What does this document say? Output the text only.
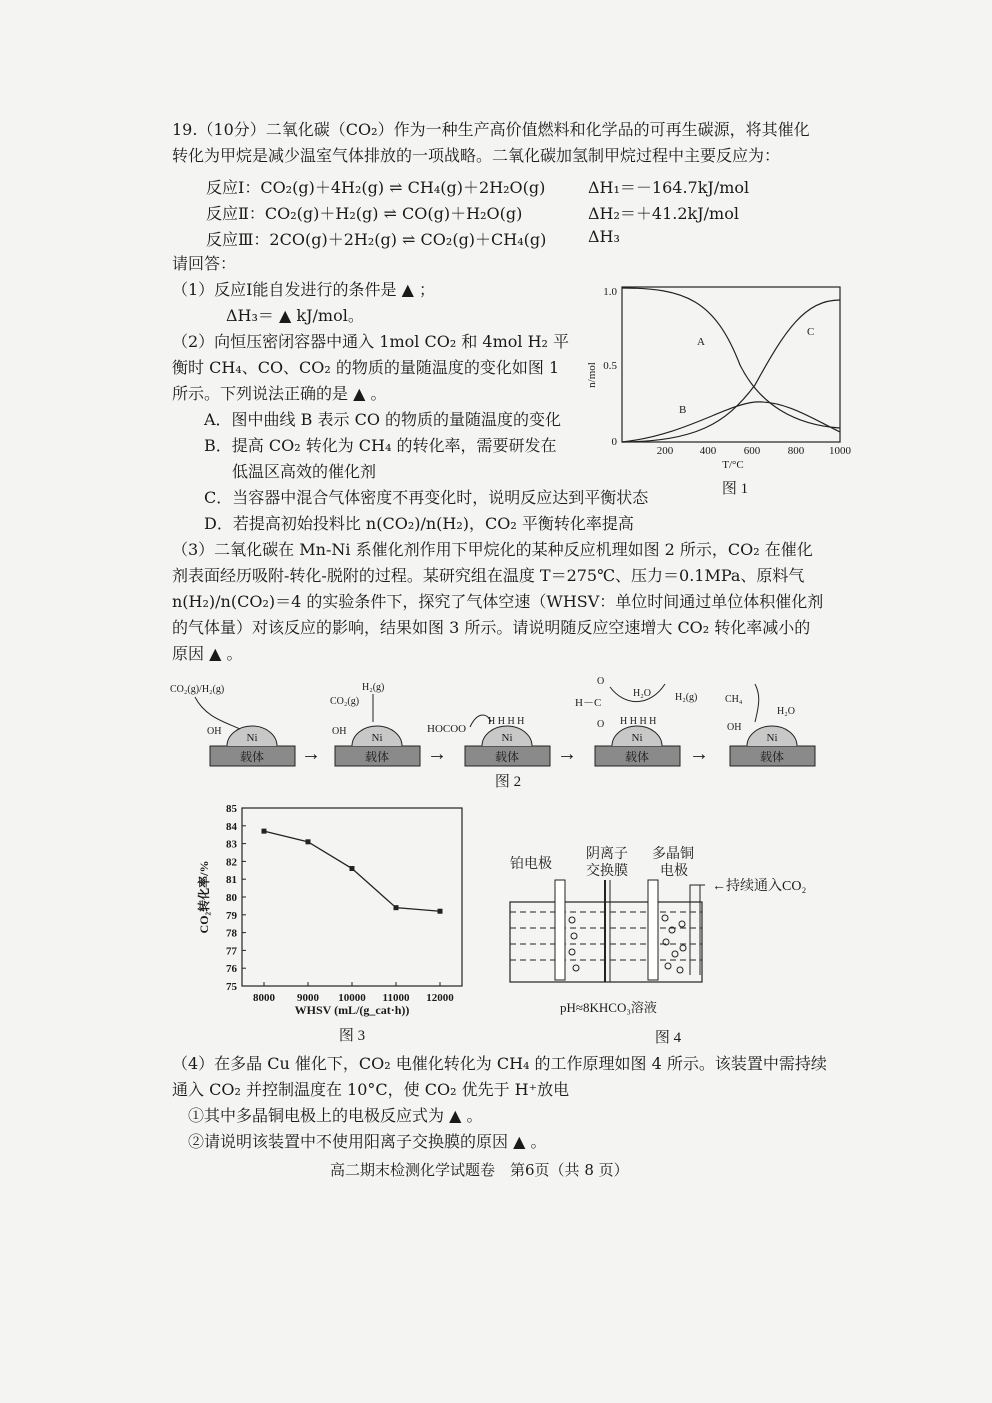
19.（10分）二氧化碳（CO₂）作为一种生产高价值燃料和化学品的可再生碳源，将其催化
转化为甲烷是减少温室气体排放的一项战略。二氧化碳加氢制甲烷过程中主要反应为：
反应Ⅰ：CO₂(g)＋4H₂(g) ⇌ CH₄(g)＋2H₂O(g)	ΔH₁＝－164.7kJ/mol
反应Ⅱ：CO₂(g)＋H₂(g) ⇌ CO(g)＋H₂O(g)	ΔH₂＝＋41.2kJ/mol
反应Ⅲ：2CO(g)＋2H₂(g) ⇌ CO₂(g)＋CH₄(g)	ΔH₃
请回答：
（1）反应Ⅰ能自发进行的条件是 ▲ ；
ΔH₃＝ ▲ kJ/mol。
（2）向恒压密闭容器中通入 1mol CO₂ 和 4mol H₂ 平
衡时 CH₄、CO、CO₂ 的物质的量随温度的变化如图 1
所示。下列说法正确的是 ▲ 。
A．图中曲线 B 表示 CO 的物质的量随温度的变化
B．提高 CO₂ 转化为 CH₄ 的转化率，需要研发在
低温区高效的催化剂
C．当容器中混合气体密度不再变化时，说明反应达到平衡状态
D．若提高初始投料比 n(CO₂)/n(H₂)，CO₂ 平衡转化率提高
（3）二氧化碳在 Mn-Ni 系催化剂作用下甲烷化的某种反应机理如图 2 所示，CO₂ 在催化
剂表面经历吸附-转化-脱附的过程。某研究组在温度 T＝275℃、压力＝0.1MPa、原料气
n(H₂)/n(CO₂)＝4 的实验条件下，探究了气体空速（WHSV：单位时间通过单位体积催化剂
的气体量）对该反应的影响，结果如图 3 所示。请说明随反应空速增大 CO₂ 转化率减小的
原因 ▲ 。
（4）在多晶 Cu 催化下，CO₂ 电催化转化为 CH₄ 的工作原理如图 4 所示。该装置中需持续
通入 CO₂ 并控制温度在 10°C，使 CO₂ 优先于 H⁺放电
①其中多晶铜电极上的电极反应式为 ▲ 。
②请说明该装置中不使用阳离子交换膜的原因 ▲ 。
高二期末检测化学试题卷　第6页（共 8 页）
1.0
0.5
0
n/mol
200 400	600	800 1000
T/°C
A
B
C
图 1
载体
Ni
CO₂(g)/H₂(g)
OH
→	载体
Ni
H₂(g)
CO₂(g)
OH
→	载体
Ni
HOCOO
H H H H
→	载体
Ni
O
H－C
O
H₂O H₂(g)
H H H H
→	载体
Ni
CH₄
H₂O
OH
图 2
75
76
77
78
79
80
81
82
83
84
85
8000 9000 10000 11000 12000
CO₂转化率/%
WHSV (mL/(g_cat·h))
图 3
铂电极
阴离子
交换膜
多晶铜
电极
←持续通入CO₂
pH≈8KHCO₃溶液
图 4
